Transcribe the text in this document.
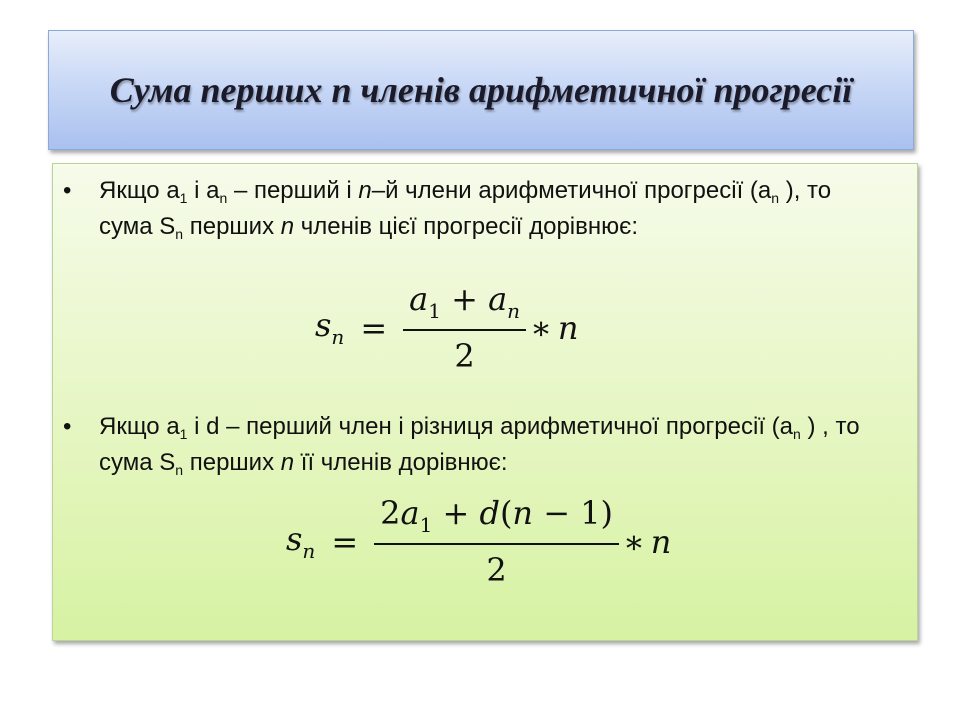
Сума перших n членів арифметичної прогресії
• Якщо $a_1$ і $a_n$ – перший і n–й члени арифметичної прогресії ($a_n$ ), то сума $S_n$ перших n членів цієї прогресії дорівнює:
$s_n = \frac{a_1 + a_n}{2}$ ∗ n
• Якщо $a_1$ і d – перший член і різниця арифметичної прогресії ($a_n$ ) , то сума $S_n$ перших n її членів дорівнює:
$s_n = \frac{2a_1 + d(n - 1)}{2}$ ∗ n
